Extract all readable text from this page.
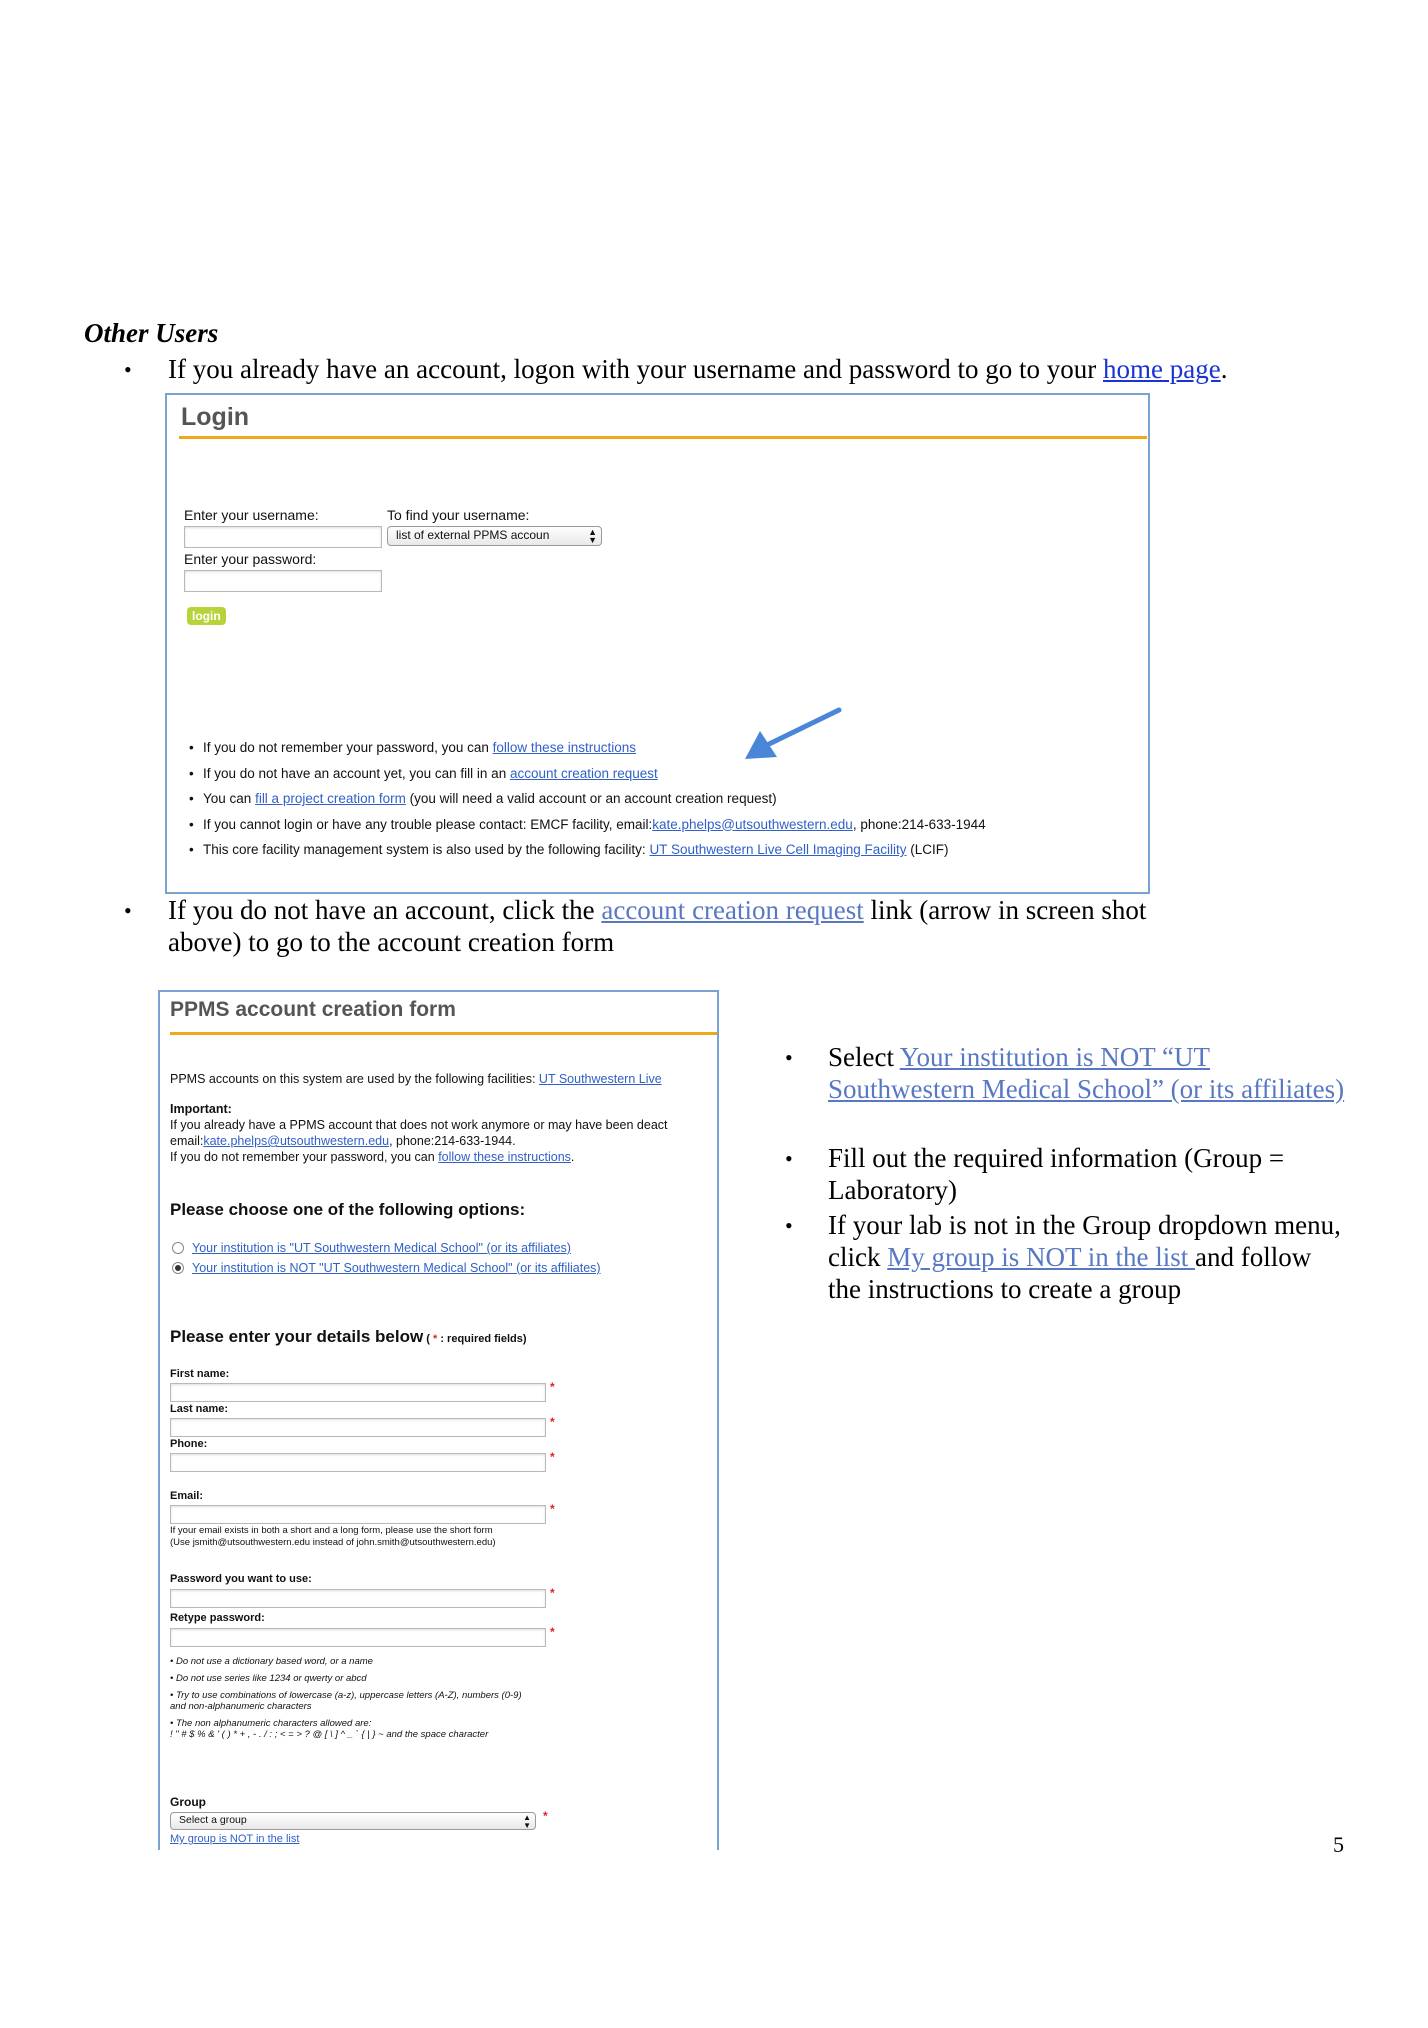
Other Users
• If you already have an account, logon with your username and password to go to your home page.
Login
Enter your username:	To find your username:
list of external PPMS accoun	▲
▼
Enter your password:
login
• If you do not remember your password, you can follow these instructions
• If you do not have an account yet, you can fill in an account creation request
• You can fill a project creation form (you will need a valid account or an account creation request)
• If you cannot login or have any trouble please contact: EMCF facility, email:kate.phelps@utsouthwestern.edu, phone:214-633-1944
• This core facility management system is also used by the following facility: UT Southwestern Live Cell Imaging Facility (LCIF)
• If you do not have an account, click the account creation request link (arrow in screen shot
above) to go to the account creation form
PPMS account creation form
PPMS accounts on this system are used by the following facilities: UT Southwestern Live
Important:
If you already have a PPMS account that does not work anymore or may have been deact
email:kate.phelps@utsouthwestern.edu, phone:214-633-1944.
If you do not remember your password, you can follow these instructions.
Please choose one of the following options:
Your institution is "UT Southwestern Medical School" (or its affiliates)
Your institution is NOT "UT Southwestern Medical School" (or its affiliates)
Please enter your details below ( * : required fields)
First name:
*
Last name:
*
Phone:
*
Email:
*
If your email exists in both a short and a long form, please use the short form
(Use jsmith@utsouthwestern.edu instead of john.smith@utsouthwestern.edu)
Password you want to use:
*
Retype password:
*
• Do not use a dictionary based word, or a name
• Do not use series like 1234 or qwerty or abcd
• Try to use combinations of lowercase (a-z), uppercase letters (A-Z), numbers (0-9)
and non-alphanumeric characters
• The non alphanumeric characters allowed are:
! " # $ % & ' ( ) * + , - . / : ; < = > ? @ [ \ ] ^ _ ` { | } ~ and the space character
Group
Select a group	▲
▼
*
My group is NOT in the list
• Select Your institution is NOT “UT Southwestern Medical School” (or its affiliates)
• Fill out the required information (Group = Laboratory)
• If your lab is not in the Group dropdown menu, click My group is NOT in the list and follow the instructions to create a group
5
